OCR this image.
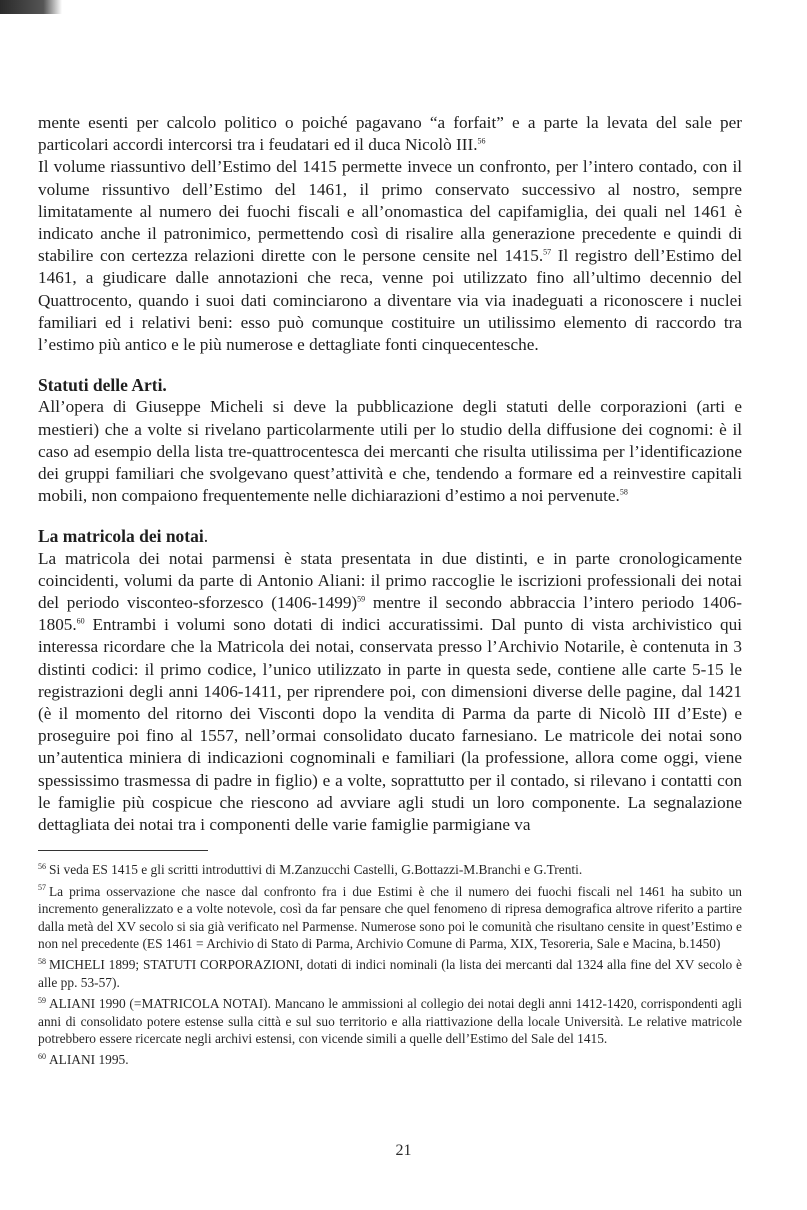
mente esenti per calcolo politico o poiché pagavano “a forfait” e a parte la levata del sale per particolari accordi intercorsi tra i feudatari ed il duca Nicolò III.$^{56}$

Il volume riassuntivo dell’Estimo del 1415 permette invece un confronto, per l’intero contado, con il volume rissuntivo dell’Estimo del 1461, il primo conservato successivo al nostro, sempre limitatamente al numero dei fuochi fiscali e all’onomastica del capifamiglia, dei quali nel 1461 è indicato anche il patronimico, permettendo così di risalire alla generazione precedente e quindi di stabilire con certezza relazioni dirette con le persone censite nel 1415.57 Il registro dell’Estimo del 1461, a giudicare dalle annotazioni che reca, venne poi utilizzato fino all’ultimo decennio del Quattrocento, quando i suoi dati cominciarono a diventare via via inadeguati a riconoscere i nuclei familiari ed i relativi beni: esso può comunque costituire un utilissimo elemento di raccordo tra l’estimo più antico e le più numerose e dettagliate fonti cinquecentesche.

Statuti delle Arti.

All’opera di Giuseppe Micheli si deve la pubblicazione degli statuti delle corporazioni (arti e mestieri) che a volte si rivelano particolarmente utili per lo studio della diffusione dei cognomi: è il caso ad esempio della lista tre-quattrocentesca dei mercanti che risulta utilissima per l’identificazione dei gruppi familiari che svolgevano quest’attività e che, tendendo a formare ed a reinvestire capitali mobili, non compaiono frequentemente nelle dichiarazioni d’estimo a noi pervenute.$^{58}$

La matricola dei notai.

La matricola dei notai parmensi è stata presentata in due distinti, e in parte cronologicamente coincidenti, volumi da parte di Antonio Aliani: il primo raccoglie le iscrizioni professionali dei notai del periodo visconteo-sforzesco (1406-1499)$^{59}$ mentre il secondo abbraccia l’intero periodo 1406-1805.60 Entrambi i volumi sono dotati di indici accuratissimi. Dal punto di vista archivistico qui interessa ricordare che la Matricola dei notai, conservata presso l’Archivio Notarile, è contenuta in 3 distinti codici: il primo codice, l’unico utilizzato in parte in questa sede, contiene alle carte 5-15 le registrazioni degli anni 1406-1411, per riprendere poi, con dimensioni diverse delle pagine, dal 1421 (è il momento del ritorno dei Visconti dopo la vendita di Parma da parte di Nicolò III d’Este) e proseguire poi fino al 1557, nell’ormai consolidato ducato farnesiano. Le matricole dei notai sono un’autentica miniera di indicazioni cognominali e familiari (la professione, allora come oggi, viene spessissimo trasmessa di padre in figlio) e a volte, soprattutto per il contado, si rilevano i contatti con le famiglie più cospicue che riescono ad avviare agli studi un loro componente. La segnalazione dettagliata dei notai tra i componenti delle varie famiglie parmigiane va

$^{56}$ Si veda ES 1415 e gli scritti introduttivi di M.Zanzucchi Castelli, G.Bottazzi-M.Branchi e G.Trenti.

$^{57}$ La prima osservazione che nasce dal confronto fra i due Estimi è che il numero dei fuochi fiscali nel 1461 ha subito un incremento generalizzato e a volte notevole, così da far pensare che quel fenomeno di ripresa demografica altrove riferito a partire dalla metà del XV secolo si sia già verificato nel Parmense. Numerose sono poi le comunità che risultano censite in quest’Estimo e non nel precedente (ES 1461 = Archivio di Stato di Parma, Archivio Comune di Parma, XIX, Tesoreria, Sale e Macina, b.1450)

$^{58}$ MICHELI 1899; STATUTI CORPORAZIONI, dotati di indici nominali (la lista dei mercanti dal 1324 alla fine del XV secolo è alle pp. 53-57).

$^{59}$ ALIANI 1990 (=MATRICOLA NOTAI). Mancano le ammissioni al collegio dei notai degli anni 1412-1420, corrispondenti agli anni di consolidato potere estense sulla città e sul suo territorio e alla riattivazione della locale Università. Le relative matricole potrebbero essere ricercate negli archivi estensi, con vicende simili a quelle dell’Estimo del Sale del 1415.

$^{60}$ ALIANI 1995.

21
